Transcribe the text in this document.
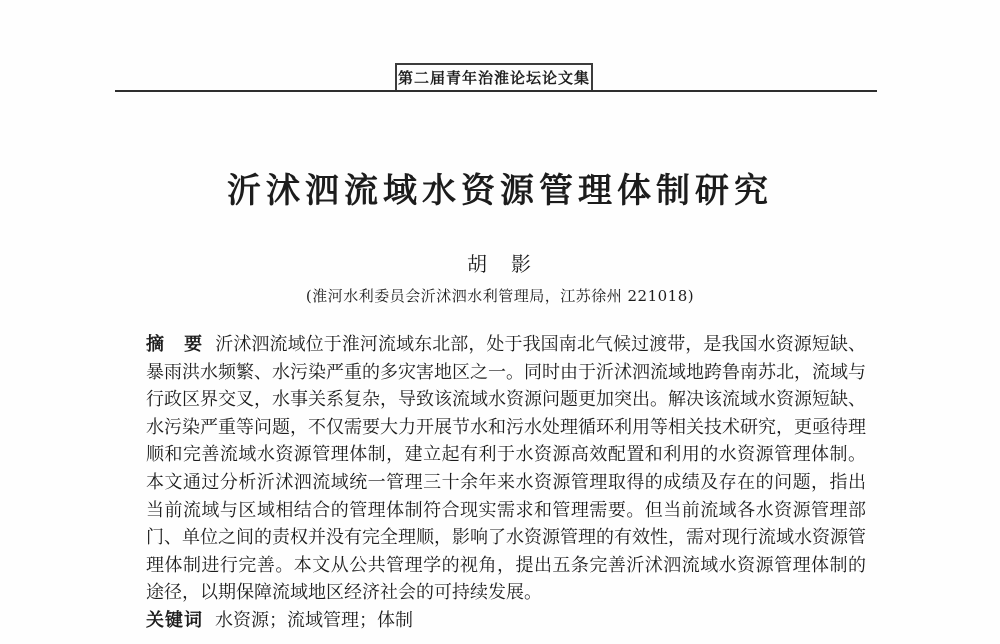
第二届青年治淮论坛论文集
沂沭泗流域水资源管理体制研究
胡　影
(淮河水利委员会沂沭泗水利管理局，江苏徐州 221018)
摘　要 沂沭泗流域位于淮河流域东北部，处于我国南北气候过渡带，是我国水资源短缺、
暴雨洪水频繁、水污染严重的多灾害地区之一。同时由于沂沭泗流域地跨鲁南苏北，流域与
行政区界交叉，水事关系复杂，导致该流域水资源问题更加突出。解决该流域水资源短缺、
水污染严重等问题，不仅需要大力开展节水和污水处理循环利用等相关技术研究，更亟待理
顺和完善流域水资源管理体制，建立起有利于水资源高效配置和利用的水资源管理体制。
本文通过分析沂沭泗流域统一管理三十余年来水资源管理取得的成绩及存在的问题，指出
当前流域与区域相结合的管理体制符合现实需求和管理需要。但当前流域各水资源管理部
门、单位之间的责权并没有完全理顺，影响了水资源管理的有效性，需对现行流域水资源管
理体制进行完善。本文从公共管理学的视角，提出五条完善沂沭泗流域水资源管理体制的
途径，以期保障流域地区经济社会的可持续发展。
关键词 水资源；流域管理；体制
